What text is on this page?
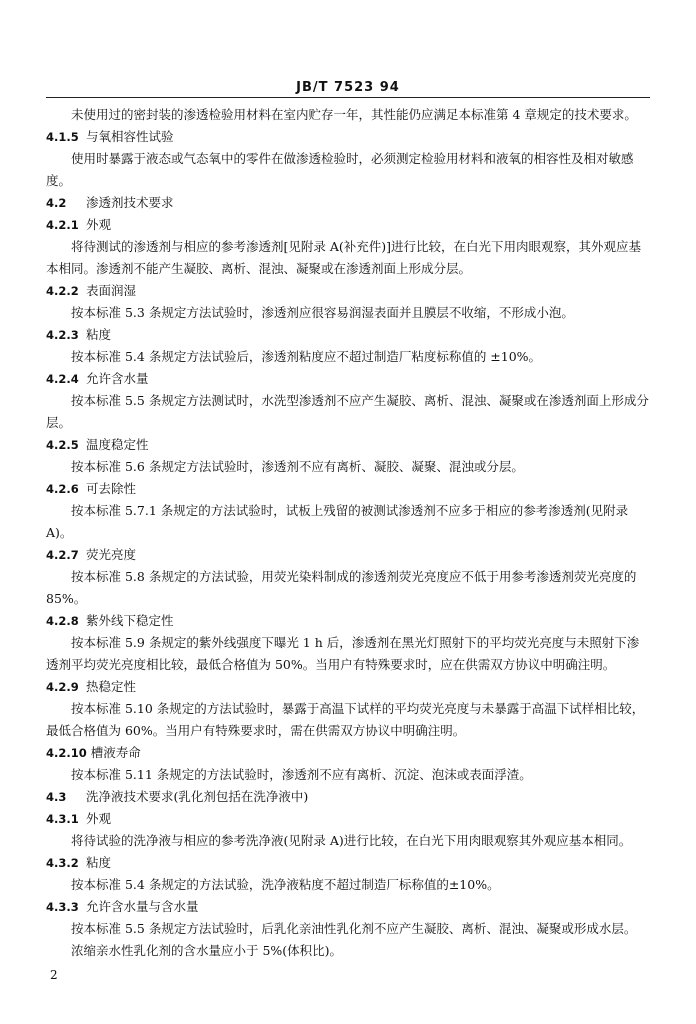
JB/T 7523 94

未使用过的密封装的渗透检验用材料在室内贮存一年，其性能仍应满足本标准第 4 章规定的技术要求。

4.1.5 与氧相容性试验

使用时暴露于液态或气态氧中的零件在做渗透检验时，必须测定检验用材料和液氧的相容性及相对敏感度。

4.2 渗透剂技术要求
4.2.1 外观

将待测试的渗透剂与相应的参考渗透剂[见附录 A(补充件)]进行比较，在白光下用肉眼观察，其外观应基本相同。渗透剂不能产生凝胶、离析、混浊、凝聚或在渗透剂面上形成分层。

4.2.2 表面润湿

按本标准 5.3 条规定方法试验时，渗透剂应很容易润湿表面并且膜层不收缩，不形成小泡。

4.2.3 粘度

按本标准 5.4 条规定方法试验后，渗透剂粘度应不超过制造厂粘度标称值的 ±10%。

4.2.4 允许含水量

按本标准 5.5 条规定方法测试时，水洗型渗透剂不应产生凝胶、离析、混浊、凝聚或在渗透剂面上形成分层。

4.2.5 温度稳定性

按本标准 5.6 条规定方法试验时，渗透剂不应有离析、凝胶、凝聚、混浊或分层。

4.2.6 可去除性

按本标准 5.7.1 条规定的方法试验时，试板上残留的被测试渗透剂不应多于相应的参考渗透剂(见附录 A)。

4.2.7 荧光亮度

按本标准 5.8 条规定的方法试验，用荧光染料制成的渗透剂荧光亮度应不低于用参考渗透剂荧光亮度的 85%。

4.2.8 紫外线下稳定性

按本标准 5.9 条规定的紫外线强度下曝光 1 h 后，渗透剂在黑光灯照射下的平均荧光亮度与未照射下渗透剂平均荧光亮度相比较，最低合格值为 50%。当用户有特殊要求时，应在供需双方协议中明确注明。

4.2.9 热稳定性

按本标准 5.10 条规定的方法试验时，暴露于高温下试样的平均荧光亮度与未暴露于高温下试样相比较，最低合格值为 60%。当用户有特殊要求时，需在供需双方协议中明确注明。

4.2.10 槽液寿命

按本标准 5.11 条规定的方法试验时，渗透剂不应有离析、沉淀、泡沫或表面浮渣。

4.3 洗净液技术要求(乳化剂包括在洗净液中)
4.3.1 外观

将待试验的洗净液与相应的参考洗净液(见附录 A)进行比较，在白光下用肉眼观察其外观应基本相同。

4.3.2 粘度

按本标准 5.4 条规定的方法试验，洗净液粘度不超过制造厂标称值的±10%。

4.3.3 允许含水量与含水量

按本标准 5.5 条规定方法试验时，后乳化亲油性乳化剂不应产生凝胶、离析、混浊、凝聚或形成水层。

浓缩亲水性乳化剂的含水量应小于 5%(体积比)。

2
